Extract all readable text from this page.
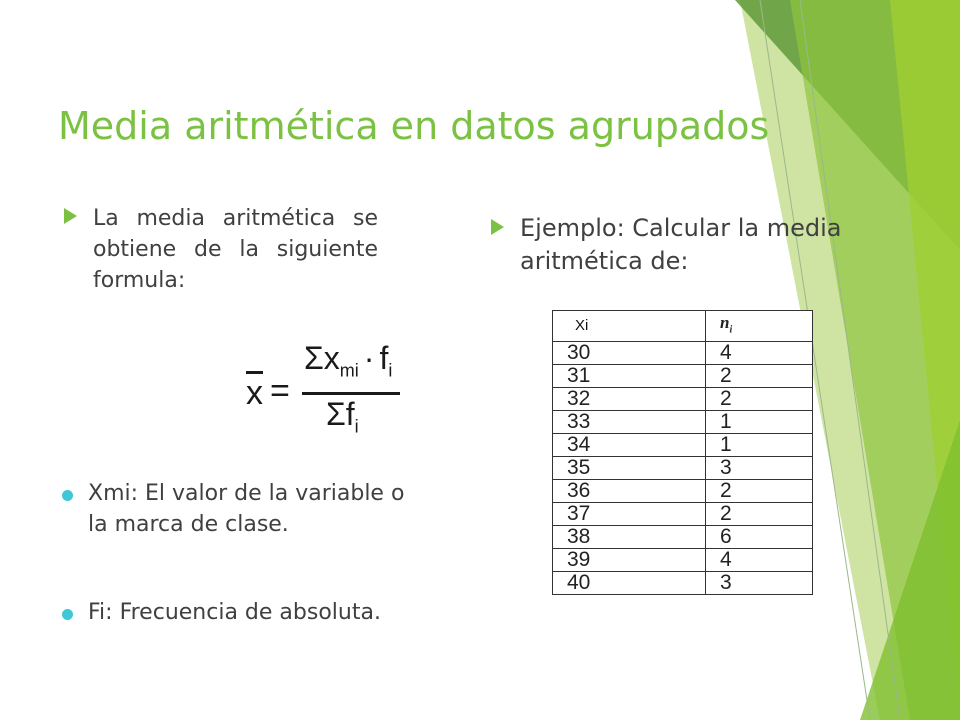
Media aritmética en datos agrupados
La media aritmética se obtiene de la siguiente formula:
Ejemplo: Calcular la media aritmética de:
$\overline{x}$ =
$\Sigma x_{mi} \cdot f_i$
$\Sigma f_i$
Xmi: El valor de la variable o la marca de clase.
Fi: Frecuencia de absoluta.
Xi	$n_i$
30	4
31	2
32	2
33	1
34	1
35	3
36	2
37	2
38	6
39	4
40	3
